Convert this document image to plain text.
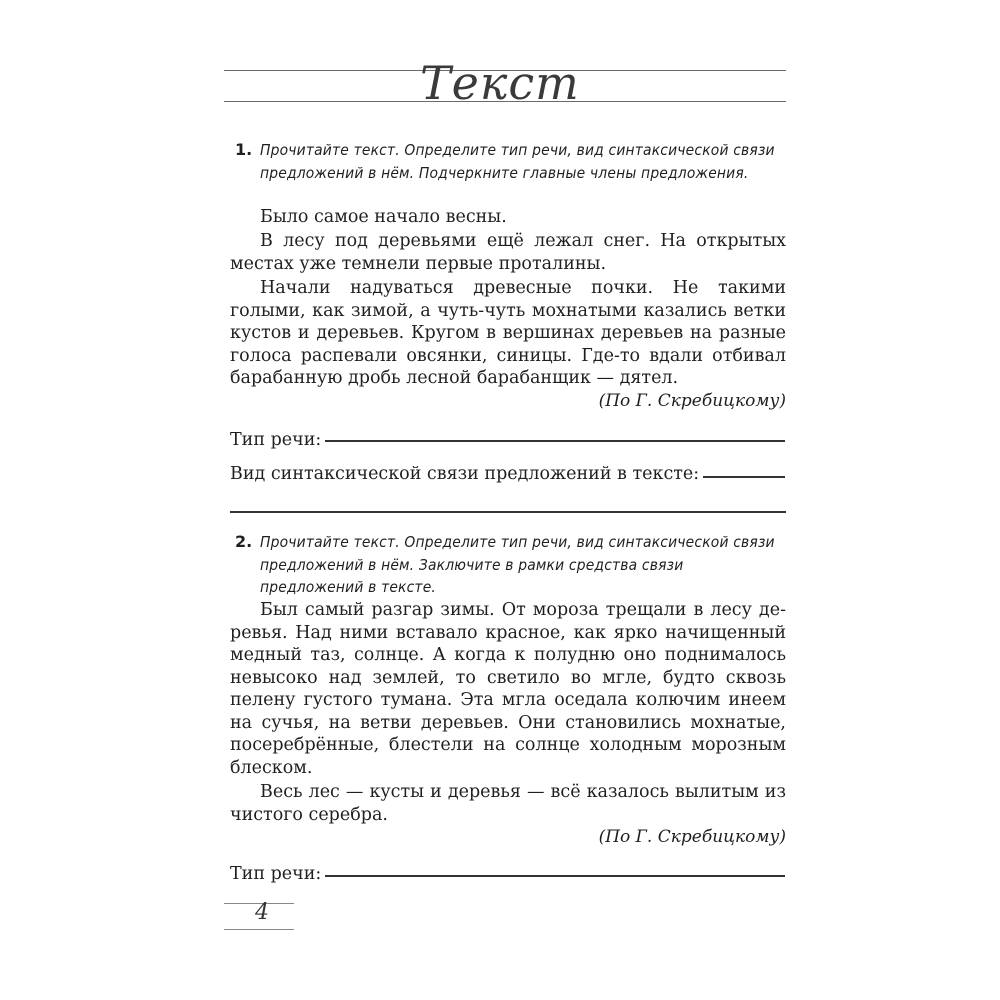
Текст
1. Прочитайте текст. Определите тип речи, вид синтаксической связи предложений в нём. Подчеркните главные члены предложения.
Было самое начало весны.
В лесу под деревьями ещё лежал снег. На открытых местах уже темнели первые проталины.
Начали надуваться древесные почки. Не такими голыми, как зимой, а чуть-чуть мохнатыми казались ветки кустов и деревьев. Кругом в вершинах деревьев на разные голоса распевали овсянки, синицы. Где-то вдали отбивал барабанную дробь лесной барабанщик — дятел.
(По Г. Скребицкому)
Тип речи:
Вид синтаксической связи предложений в тексте:
2. Прочитайте текст. Определите тип речи, вид синтаксической связи предложений в нём. Заключите в рамки средства связи предложений в тексте.
Был самый разгар зимы. От мороза трещали в лесу деревья. Над ними вставало красное, как ярко начищенный медный таз, солнце. А когда к полудню оно поднималось невысоко над землей, то светило во мгле, будто сквозь пелену густого тумана. Эта мгла оседала колючим инеем на сучья, на ветви деревьев. Они становились мохнатые, посеребрённые, блестели на солнце холодным морозным блеском.
Весь лес — кусты и деревья — всё казалось вылитым из чистого серебра.
(По Г. Скребицкому)
Тип речи:
4
